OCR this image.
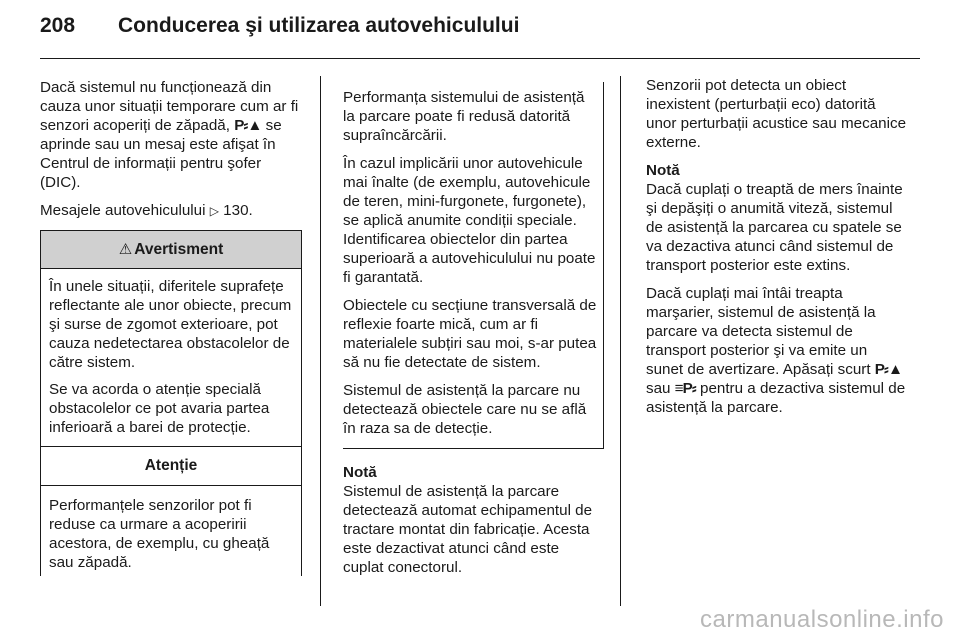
208	Conducerea şi utilizarea autovehiculului

Dacă sistemul nu funcționează din cauza unor situații temporare cum ar fi senzori acoperiți de zăpadă, P⸗▲ se aprinde sau un mesaj este afişat în Centrul de informații pentru şofer (DIC).

Mesajele autovehiculului ▷ 130.

⚠ Avertisment

În unele situații, diferitele suprafețe reflectante ale unor obiecte, precum şi surse de zgomot exterioare, pot cauza nedetectarea obstacolelor de către sistem.

Se va acorda o atenție specială obstacolelor ce pot avaria partea inferioară a barei de protecție.

Atenție

Performanțele senzorilor pot fi reduse ca urmare a acoperirii acestora, de exemplu, cu gheață sau zăpadă.

Performanța sistemului de asistență la parcare poate fi redusă datorită supraîncărcării.

În cazul implicării unor autovehicule mai înalte (de exemplu, autovehicule de teren, mini-furgonete, furgonete), se aplică anumite condiții speciale. Identificarea obiectelor din partea superioară a autovehiculului nu poate fi garantată.

Obiectele cu secțiune transversală de reflexie foarte mică, cum ar fi materialele subțiri sau moi, s-ar putea să nu fie detectate de sistem.

Sistemul de asistență la parcare nu detectează obiectele care nu se află în raza sa de detecție.

Notă
Sistemul de asistență la parcare detectează automat echipamentul de tractare montat din fabricație. Acesta este dezactivat atunci când este cuplat conectorul.

Senzorii pot detecta un obiect inexistent (perturbații eco) datorită unor perturbații acustice sau mecanice externe.

Notă
Dacă cuplați o treaptă de mers înainte şi depăşiți o anumită viteză, sistemul de asistență la parcarea cu spatele se va dezactiva atunci când sistemul de transport posterior este extins.

Dacă cuplați mai întâi treapta marşarier, sistemul de asistență la parcare va detecta sistemul de transport posterior şi va emite un sunet de avertizare. Apăsați scurt P⸗▲ sau ≡P⸗ pentru a dezactiva sistemul de asistență la parcare.

carmanualsonline.info
